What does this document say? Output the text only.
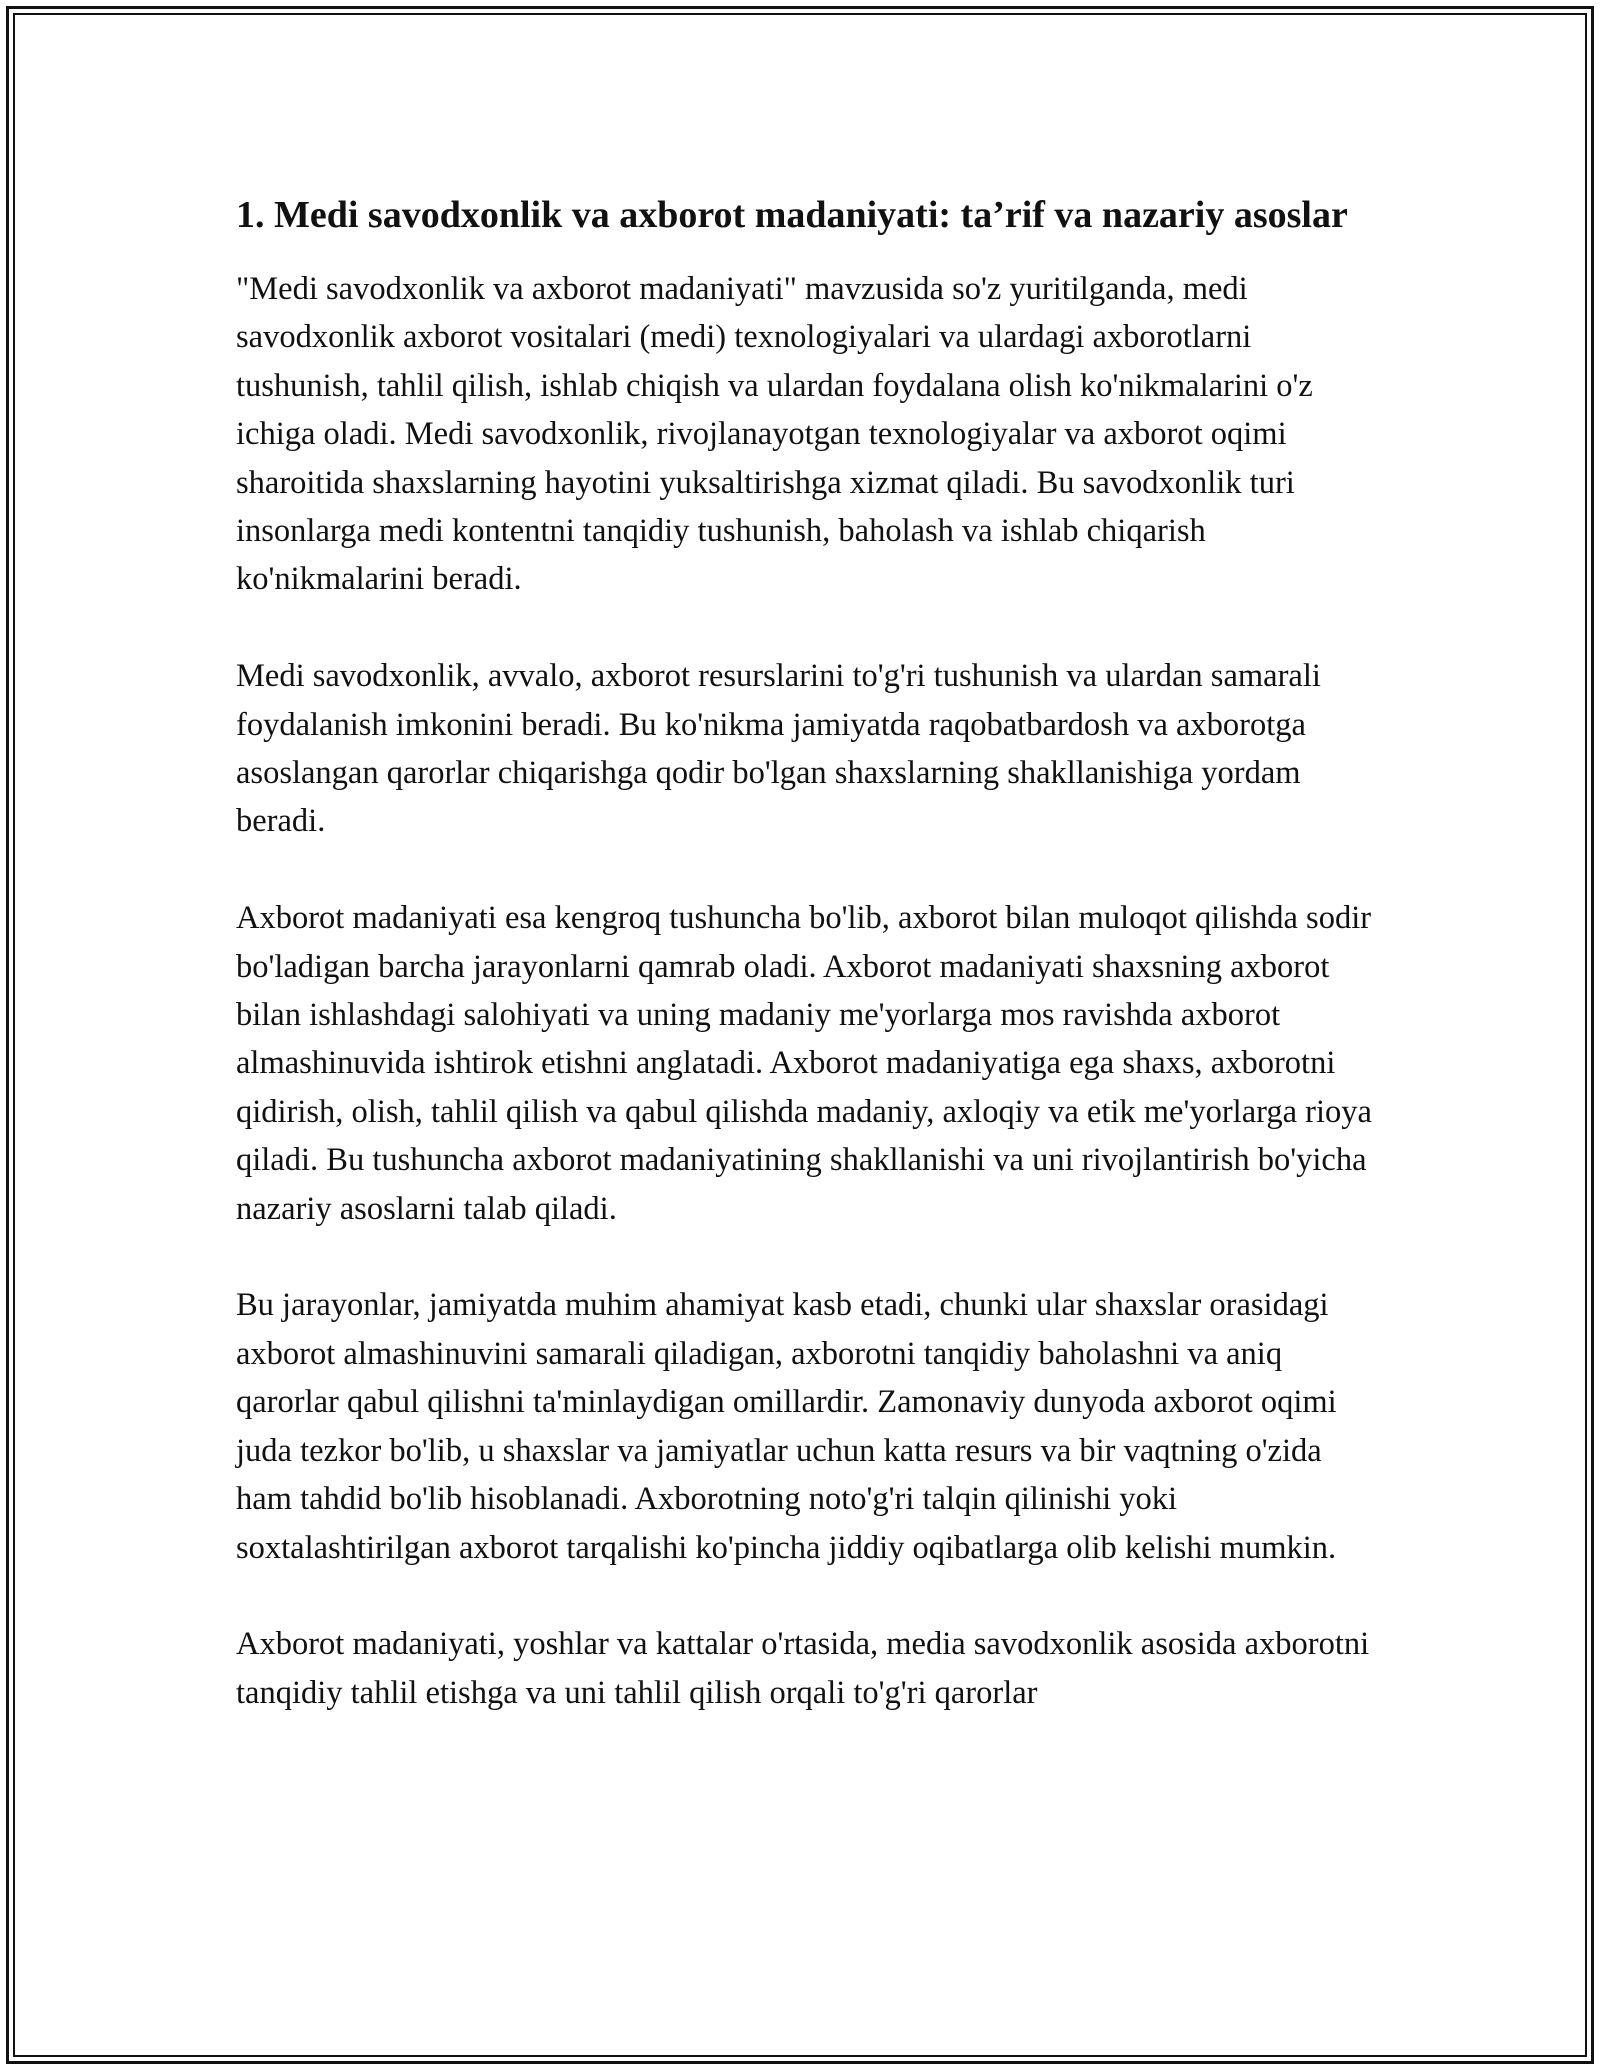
1. Medi savodxonlik va axborot madaniyati: ta’rif va nazariy asoslar

"Medi savodxonlik va axborot madaniyati" mavzusida so'z yuritilganda, medi savodxonlik axborot vositalari (medi) texnologiyalari va ulardagi axborotlarni tushunish, tahlil qilish, ishlab chiqish va ulardan foydalana olish ko'nikmalarini o'z ichiga oladi. Medi savodxonlik, rivojlanayotgan texnologiyalar va axborot oqimi sharoitida shaxslarning hayotini yuksaltirishga xizmat qiladi. Bu savodxonlik turi insonlarga medi kontentni tanqidiy tushunish, baholash va ishlab chiqarish ko'nikmalarini beradi.

Medi savodxonlik, avvalo, axborot resurslarini to'g'ri tushunish va ulardan samarali foydalanish imkonini beradi. Bu ko'nikma jamiyatda raqobatbardosh va axborotga asoslangan qarorlar chiqarishga qodir bo'lgan shaxslarning shakllanishiga yordam beradi.

Axborot madaniyati esa kengroq tushuncha bo'lib, axborot bilan muloqot qilishda sodir bo'ladigan barcha jarayonlarni qamrab oladi. Axborot madaniyati shaxsning axborot bilan ishlashdagi salohiyati va uning madaniy me'yorlarga mos ravishda axborot almashinuvida ishtirok etishni anglatadi. Axborot madaniyatiga ega shaxs, axborotni qidirish, olish, tahlil qilish va qabul qilishda madaniy, axloqiy va etik me'yorlarga rioya qiladi. Bu tushuncha axborot madaniyatining shakllanishi va uni rivojlantirish bo'yicha nazariy asoslarni talab qiladi.

Bu jarayonlar, jamiyatda muhim ahamiyat kasb etadi, chunki ular shaxslar orasidagi axborot almashinuvini samarali qiladigan, axborotni tanqidiy baholashni va aniq qarorlar qabul qilishni ta'minlaydigan omillardir. Zamonaviy dunyoda axborot oqimi juda tezkor bo'lib, u shaxslar va jamiyatlar uchun katta resurs va bir vaqtning o'zida ham tahdid bo'lib hisoblanadi. Axborotning noto'g'ri talqin qilinishi yoki soxtalashtirilgan axborot tarqalishi ko'pincha jiddiy oqibatlarga olib kelishi mumkin.

Axborot madaniyati, yoshlar va kattalar o'rtasida, media savodxonlik asosida axborotni tanqidiy tahlil etishga va uni tahlil qilish orqali to'g'ri qarorlar
